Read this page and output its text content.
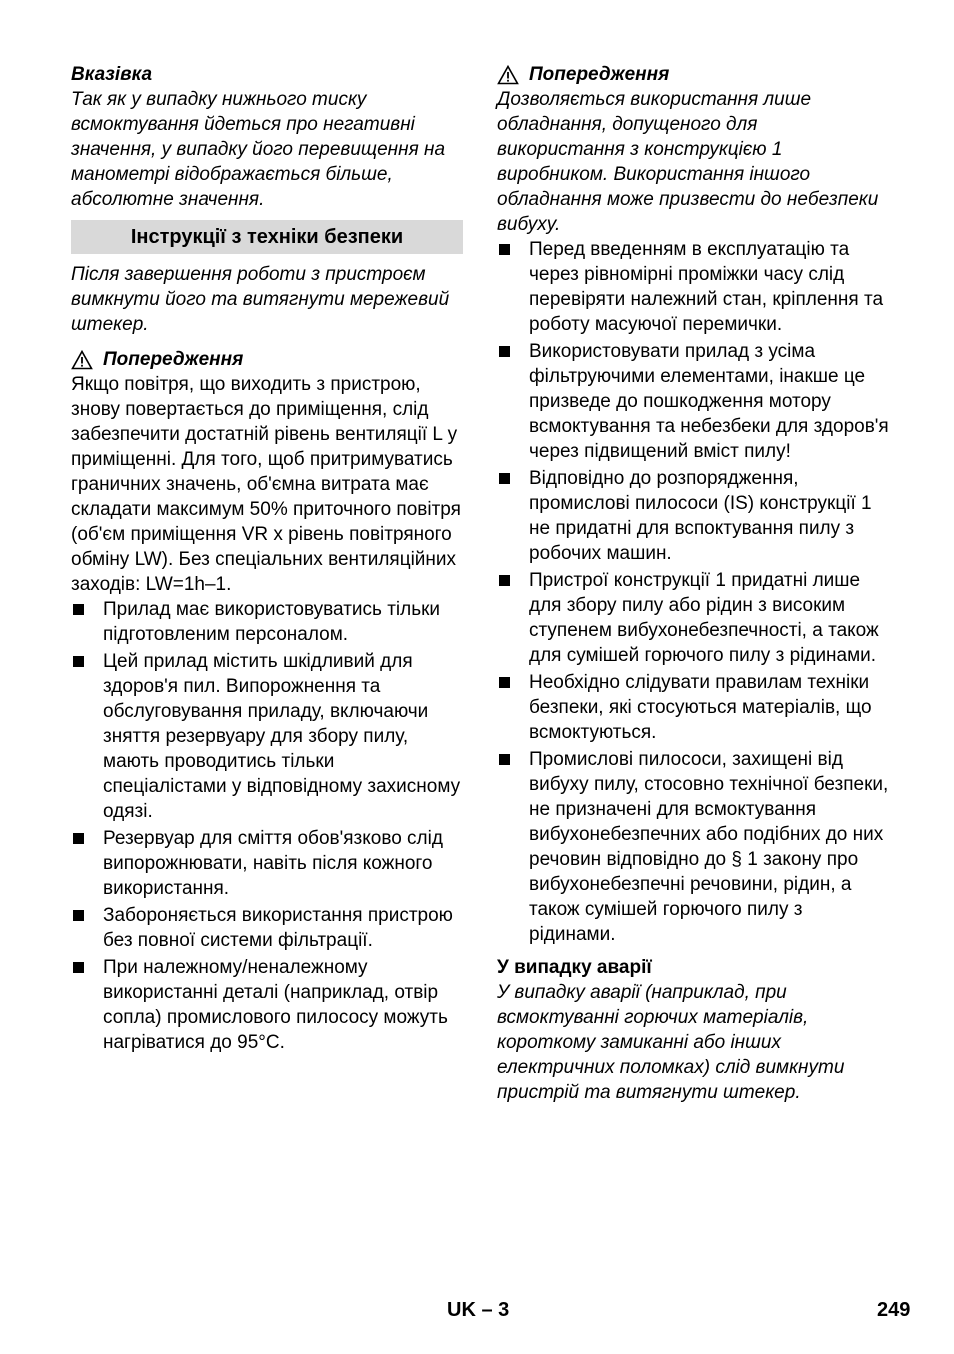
Вказівка

Так як у випадку нижнього тиску всмоктування йдеться про негативні значення, у випадку його перевищення на манометрі відображається більше, абсолютне значення.

Інструкції з техніки безпеки

Після завершення роботи з пристроєм вимкнути його та витягнути мережевий штекер.

Попередження

Якщо повітря, що виходить з пристрою, знову повертається до приміщення, слід забезпечити достатній рівень вентиляції L у приміщенні. Для того, щоб притримуватись граничних значень, об'ємна витрата має складати максимум 50% приточного повітря (об'єм приміщення VR x рівень повітряного обміну LW). Без спеціальних вентиляційних заходів: LW=1h–1.

Прилад має використовуватись тільки підготовленим персоналом.
Цей прилад містить шкідливий для здоров'я пил. Випорожнення та обслуговування приладу, включаючи зняття резервуару для збору пилу, мають проводитись тільки спеціалістами у відповідному захисному одязі.
Резервуар для сміття обов'язково слід випорожнювати, навіть після кожного використання.
Забороняється використання пристрою без повної системи фільтрації.
При належному/неналежному використанні деталі (наприклад, отвір сопла) промислового пилососу можуть нагріватися до 95°C.

Попередження

Дозволяється використання лише обладнання, допущеного для використання з конструкцією 1 виробником. Використання іншого обладнання може призвести до небезпеки вибуху.

Перед введенням в експлуатацію та через рівномірні проміжки часу слід перевіряти належний стан, кріплення та роботу масуючої перемички.
Використовувати прилад з усіма фільтруючими елементами, інакше це призведе до пошкодження мотору всмоктування та небезбеки для здоров'я через підвищений вміст пилу!
Відповідно до розпорядження, промислові пилососи (IS) конструкції 1 не придатні для вспоктування пилу з робочих машин.
Пристрої конструкції 1 придатні лише для збору пилу або рідин з високим ступенем вибухонебезпечності, а також для сумішей горючого пилу з рідинами.
Необхідно слідувати правилам техніки безпеки, які стосуються матеріалів, що всмоктуються.
Промислові пилососи, захищені від вибуху пилу, стосовно технічної безпеки, не призначені для всмоктування вибухонебезпечних або подібних до них речовин відповідно до § 1 закону про вибухонебезпечні речовини, рідин, а також сумішей горючого пилу з рідинами.

У випадку аварії

У випадку аварії (наприклад, при всмоктуванні горючих матеріалів, короткому замиканні або інших електричних поломках) слід вимкнути пристрій та витягнути штекер.

UK – 3	249
